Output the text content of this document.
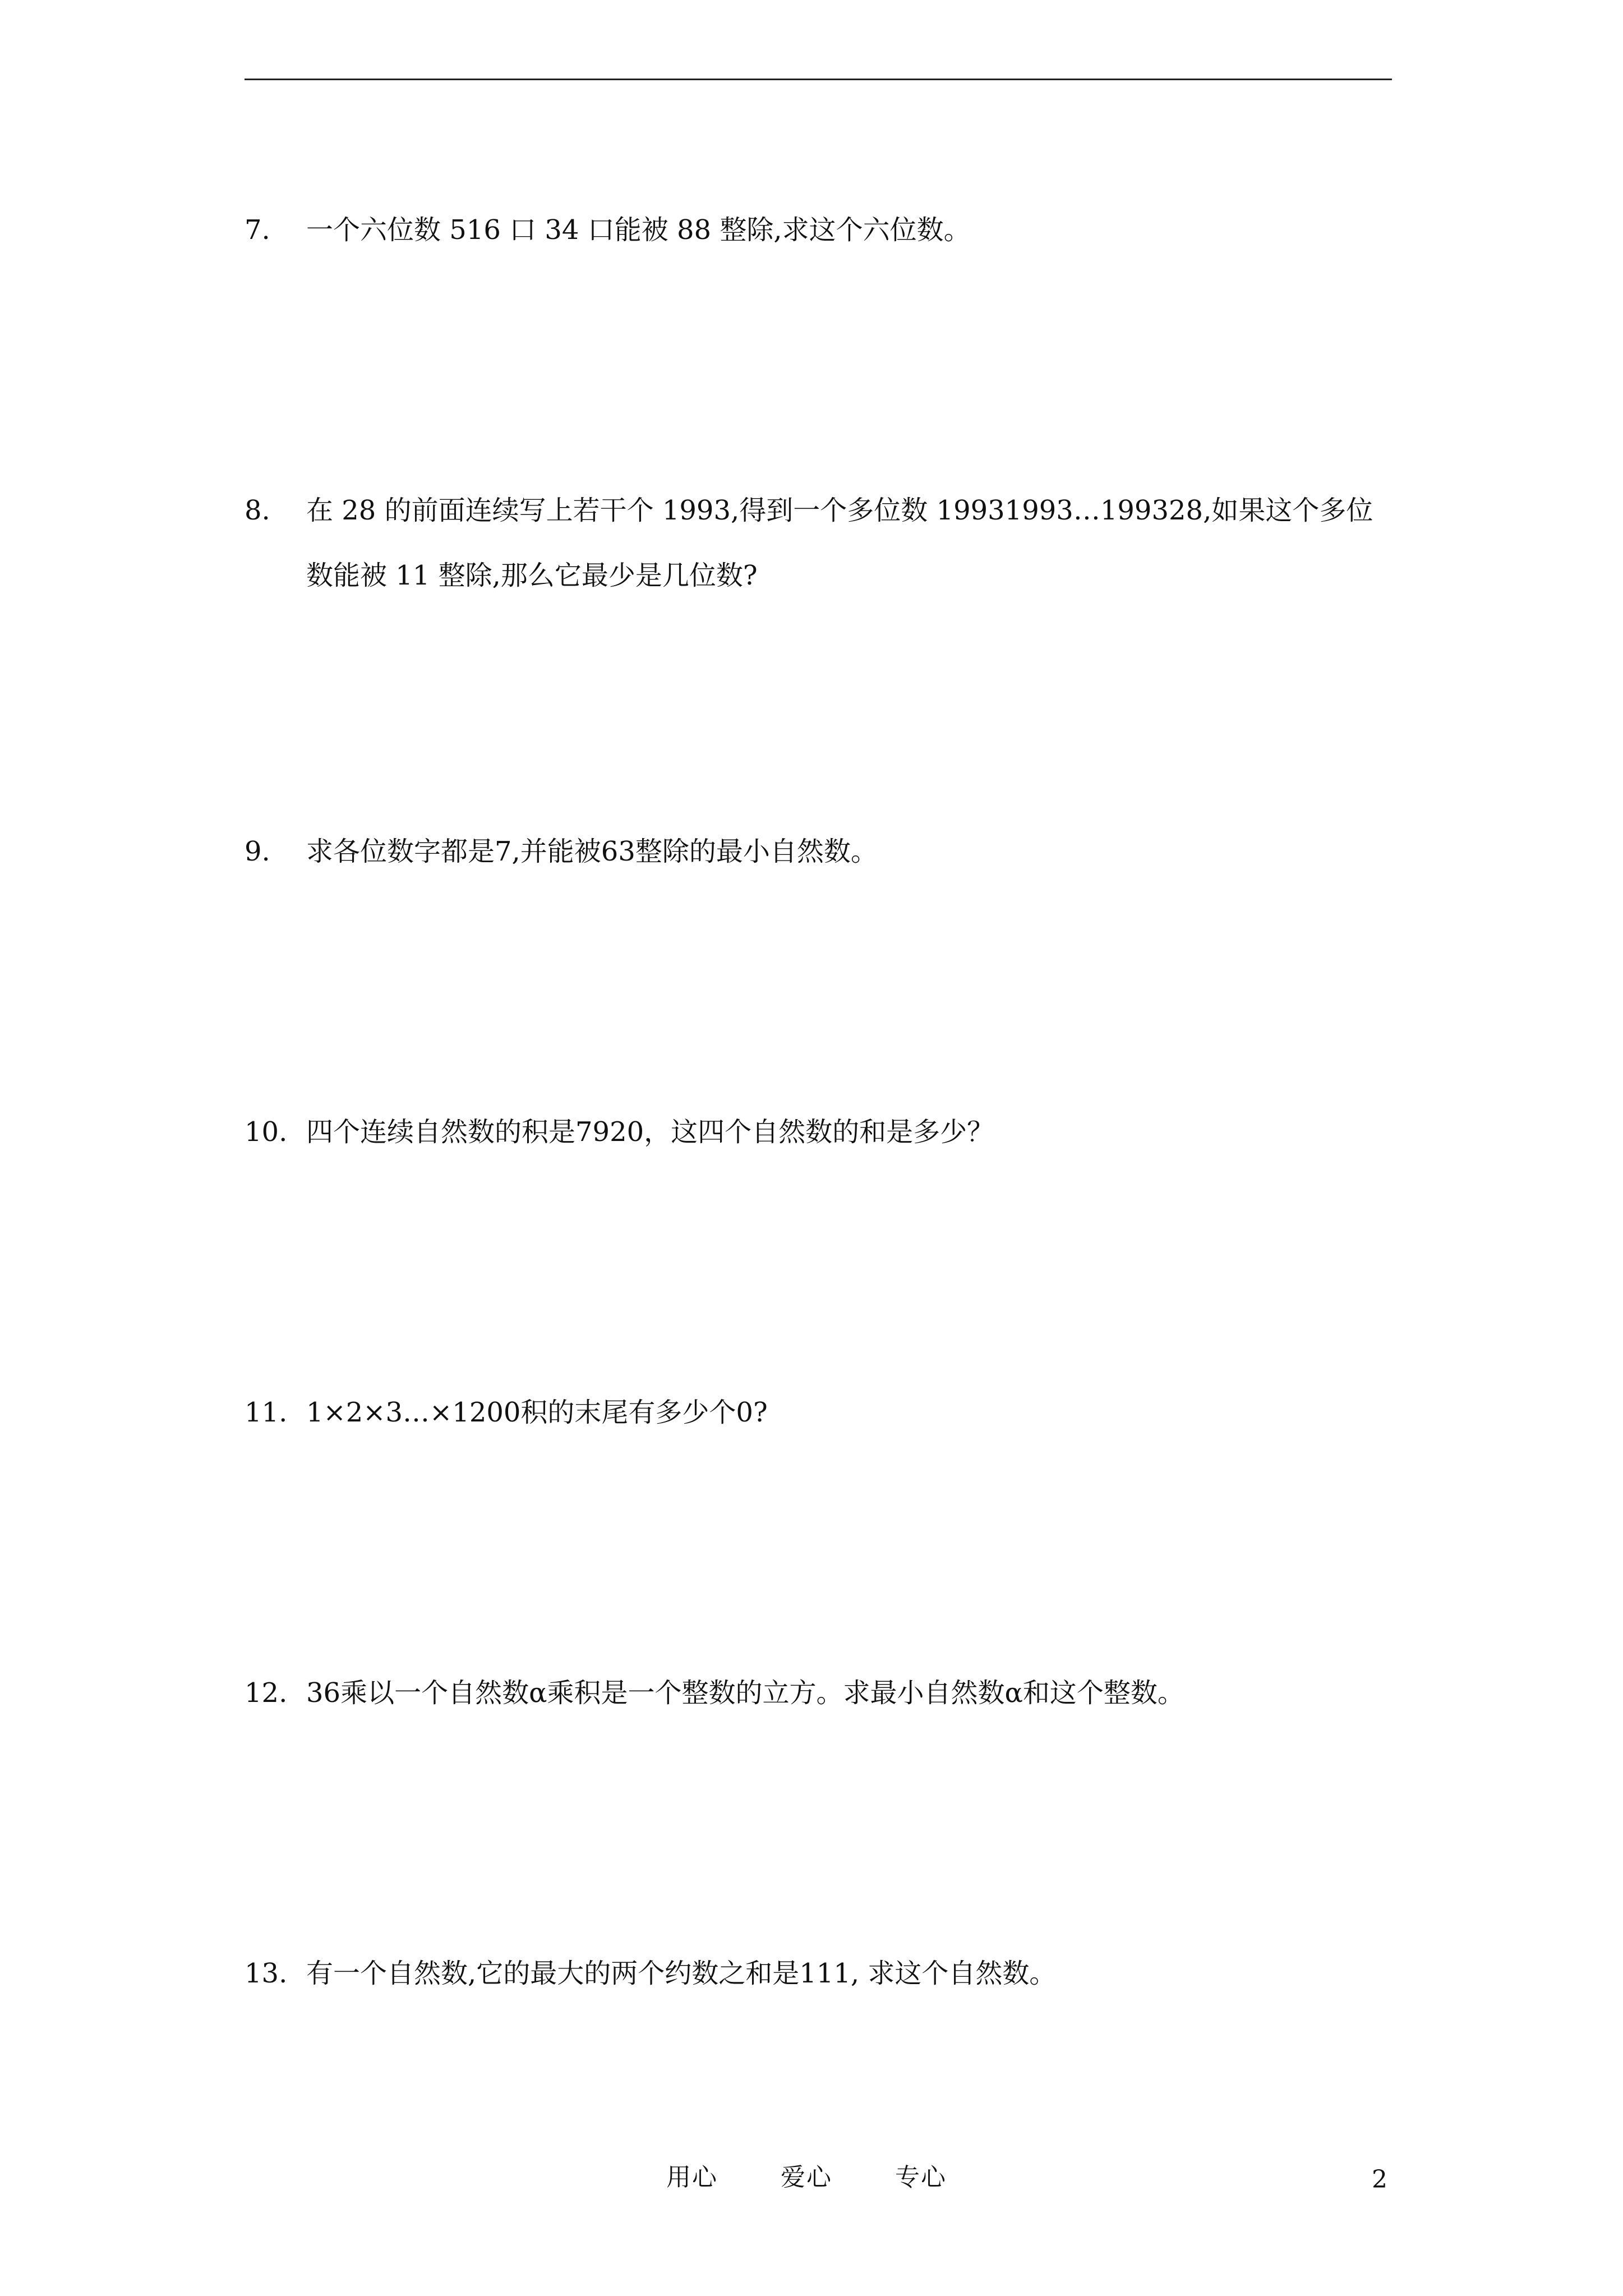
7. 一个六位数 516 口 34 口能被 88 整除,求这个六位数。
8. 在 28 的前面连续写上若干个 1993,得到一个多位数 19931993…199328,如果这个多位数能被 11 整除,那么它最少是几位数?
9. 求各位数字都是7,并能被63整除的最小自然数。
10. 四个连续自然数的积是7920，这四个自然数的和是多少？
11. 1×2×3…×1200积的末尾有多少个0?
12. 36乘以一个自然数α乘积是一个整数的立方。求最小自然数α和这个整数。
13. 有一个自然数,它的最大的两个约数之和是111, 求这个自然数。
用心	爱心	专心	2
